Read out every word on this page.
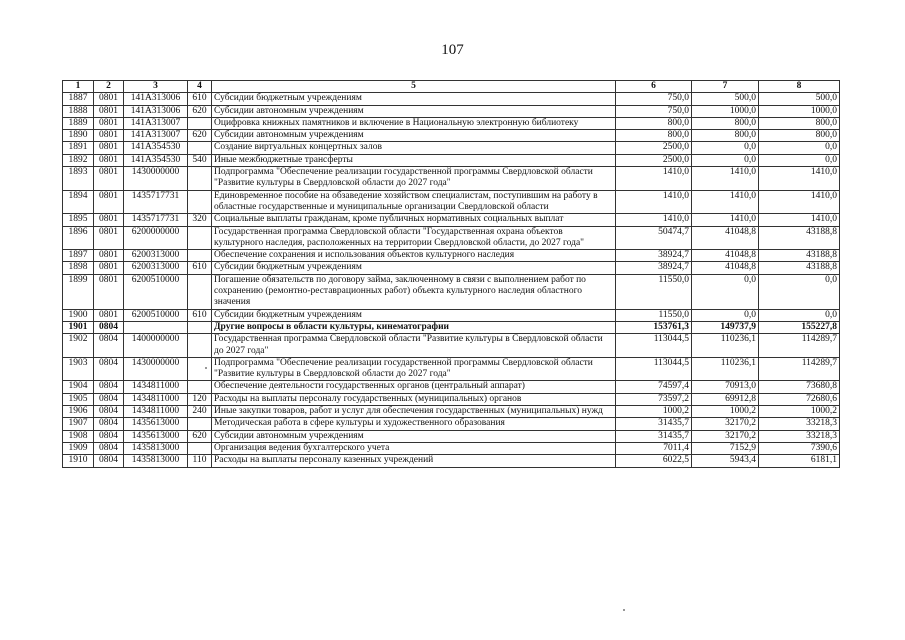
107
1	2	3	4	5	6	7	8
1887	0801	141A313006	610	Субсидии бюджетным учреждениям	750,0	500,0	500,0
1888	0801	141A313006	620	Субсидии автономным учреждениям	750,0	1000,0	1000,0
1889	0801	141A313007		Оцифровка книжных памятников и включение в Национальную электронную библиотеку	800,0	800,0	800,0
1890	0801	141A313007	620	Субсидии автономным учреждениям	800,0	800,0	800,0
1891	0801	141A354530		Создание виртуальных концертных залов	2500,0	0,0	0,0
1892	0801	141A354530	540	Иные межбюджетные трансферты	2500,0	0,0	0,0
1893	0801	1430000000		Подпрограмма "Обеспечение реализации государственной программы Свердловской области "Развитие культуры в Свердловской области до 2027 года"	1410,0	1410,0	1410,0
1894	0801	1435717731		Единовременное пособие на обзаведение хозяйством специалистам, поступившим на работу в областные государственные и муниципальные организации Свердловской области	1410,0	1410,0	1410,0
1895	0801	1435717731	320	Социальные выплаты гражданам, кроме публичных нормативных социальных выплат	1410,0	1410,0	1410,0
1896	0801	6200000000		Государственная программа Свердловской области "Государственная охрана объектов культурного наследия, расположенных на территории Свердловской области, до 2027 года"	50474,7	41048,8	43188,8
1897	0801	6200313000		Обеспечение сохранения и использования объектов культурного наследия	38924,7	41048,8	43188,8
1898	0801	6200313000	610	Субсидии бюджетным учреждениям	38924,7	41048,8	43188,8
1899	0801	6200510000		Погашение обязательств по договору займа, заключенному в связи с выполнением работ по сохранению (ремонтно-реставрационных работ) объекта культурного наследия областного значения	11550,0	0,0	0,0
1900	0801	6200510000	610	Субсидии бюджетным учреждениям	11550,0	0,0	0,0
1901	0804			Другие вопросы в области культуры, кинематографии	153761,3	149737,9	155227,8
1902	0804	1400000000		Государственная программа Свердловской области "Развитие культуры в Свердловской области до 2027 года"	113044,5	110236,1	114289,7
1903	0804	1430000000		Подпрограмма "Обеспечение реализации государственной программы Свердловской области "Развитие культуры в Свердловской области до 2027 года"	113044,5	110236,1	114289,7
1904	0804	1434811000		Обеспечение деятельности государственных органов (центральный аппарат)	74597,4	70913,0	73680,8
1905	0804	1434811000	120	Расходы на выплаты персоналу государственных (муниципальных) органов	73597,2	69912,8	72680,6
1906	0804	1434811000	240	Иные закупки товаров, работ и услуг для обеспечения государственных (муниципальных) нужд	1000,2	1000,2	1000,2
1907	0804	1435613000		Методическая работа в сфере культуры и художественного образования	31435,7	32170,2	33218,3
1908	0804	1435613000	620	Субсидии автономным учреждениям	31435,7	32170,2	33218,3
1909	0804	1435813000		Организация ведения бухгалтерского учета	7011,4	7152,9	7390,6
1910	0804	1435813000	110	Расходы на выплаты персоналу казенных учреждений	6022,5	5943,4	6181,1
